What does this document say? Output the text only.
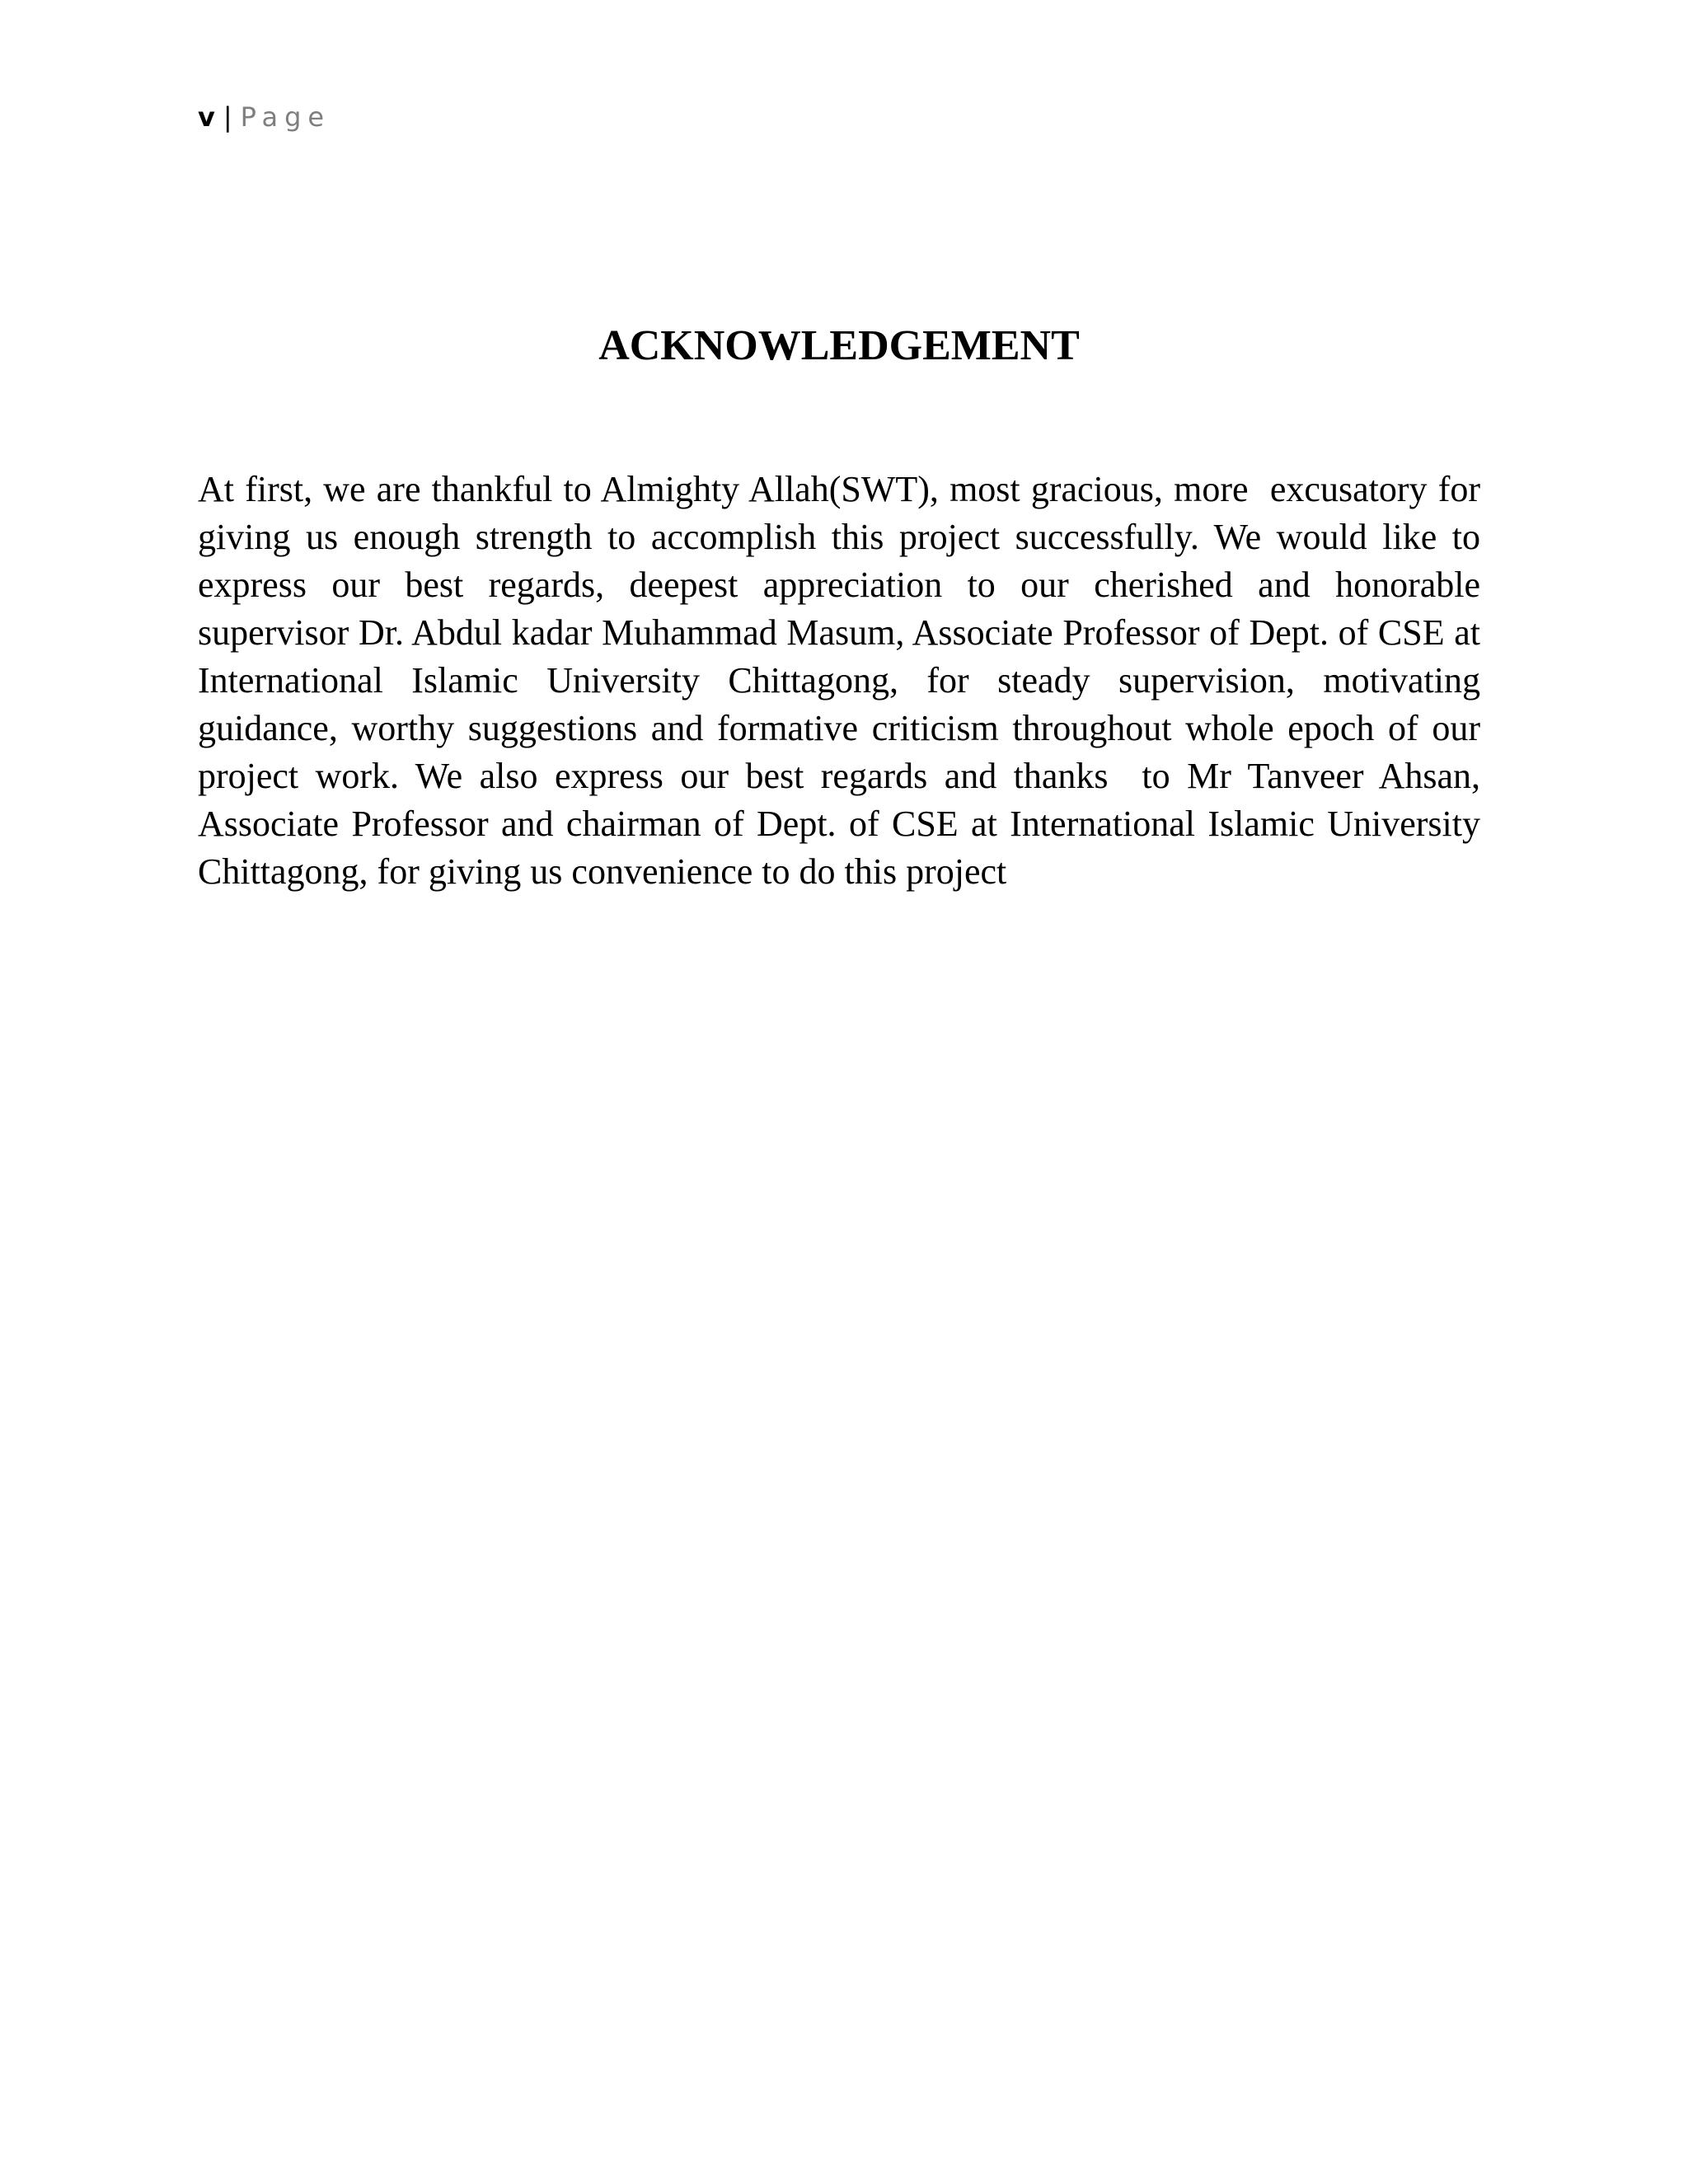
v | Page
ACKNOWLEDGEMENT

At first, we are thankful to Almighty Allah(SWT), most gracious, more  excusatory for  giving us enough strength to accomplish this project successfully. We would like to express our best regards, deepest appreciation to our cherished and honorable  supervisor Dr. Abdul kadar Muhammad Masum, Associate Professor of Dept. of CSE at International Islamic University Chittagong, for steady supervision, motivating guidance, worthy suggestions and formative criticism throughout whole epoch of our project work. We also express our best regards and thanks  to Mr Tanveer Ahsan, Associate Professor and chairman of Dept. of CSE at International Islamic University Chittagong, for giving us convenience to do this project
